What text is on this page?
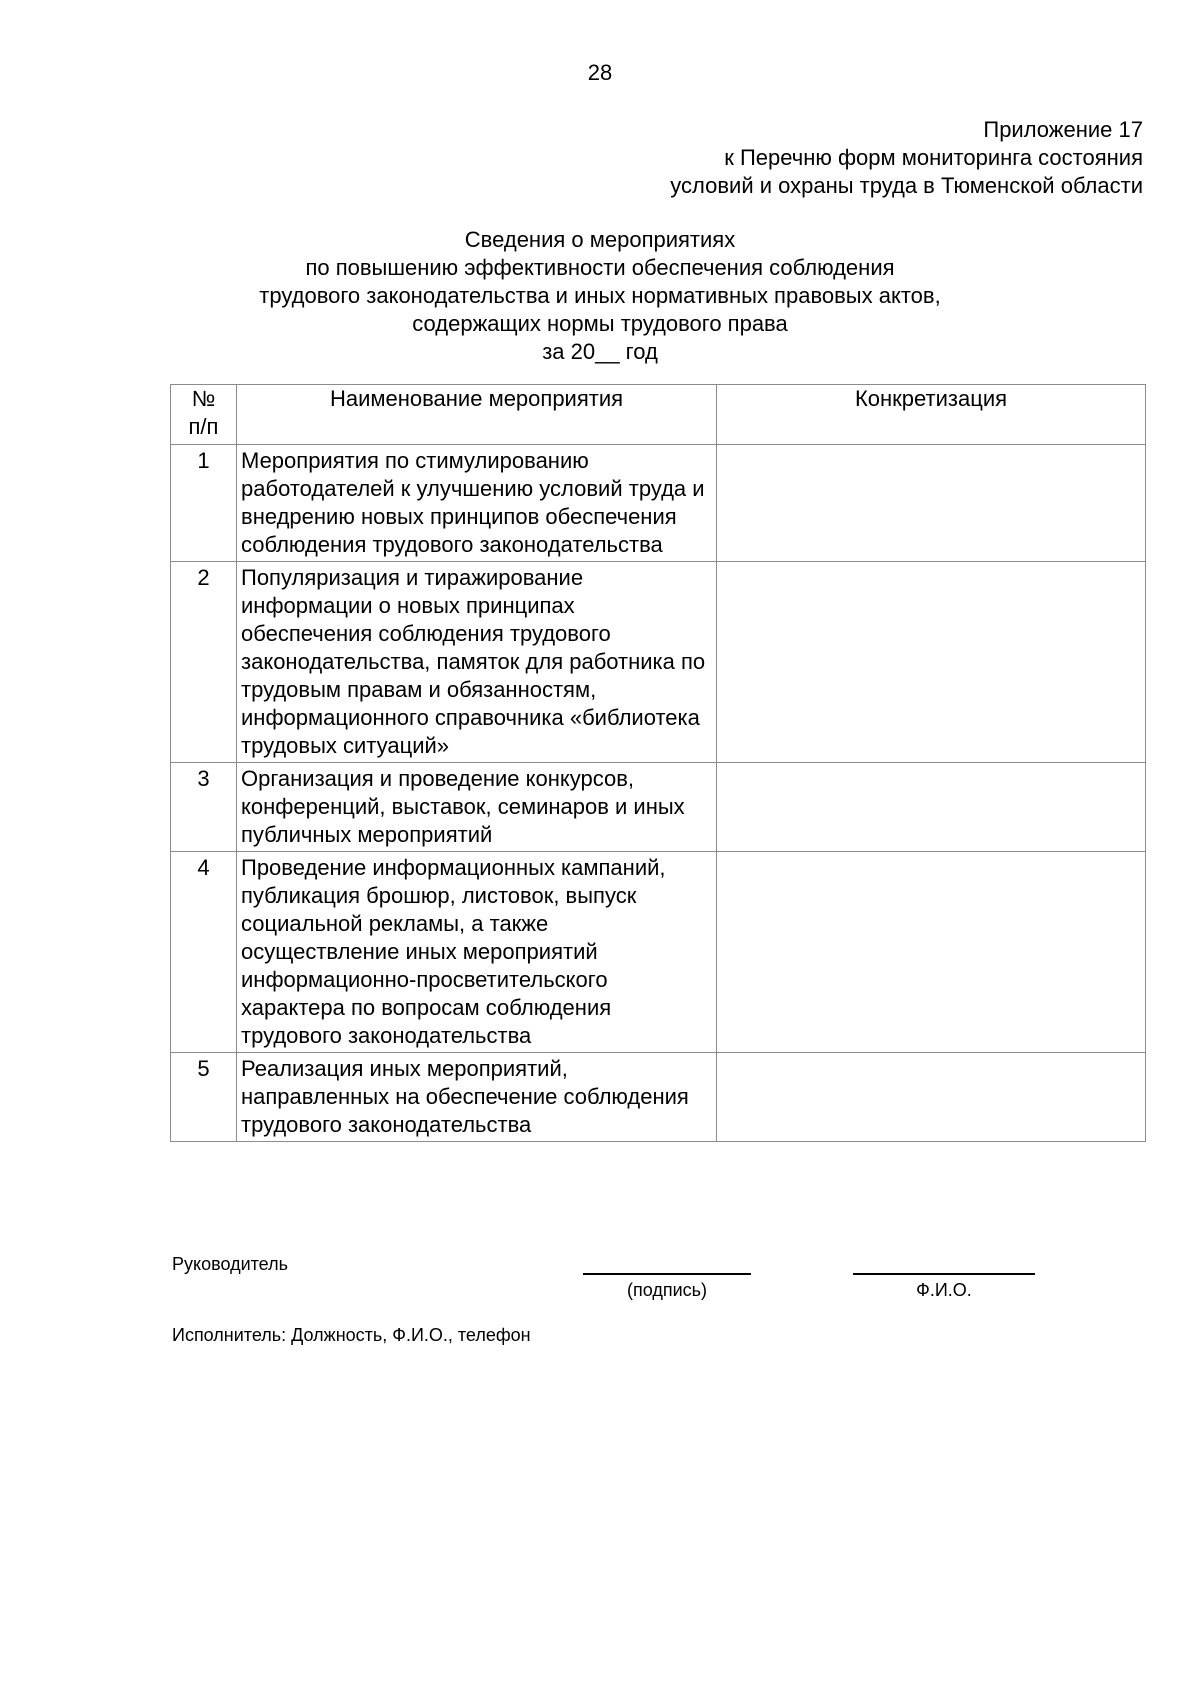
28
Приложение 17
к Перечню форм мониторинга состояния
условий и охраны труда в Тюменской области
Сведения о мероприятиях
по повышению эффективности обеспечения соблюдения
трудового законодательства и иных нормативных правовых актов,
содержащих нормы трудового права
за 20__ год
№
п/п	Наименование мероприятия	Конкретизация
1	Мероприятия по стимулированию работодателей к улучшению условий труда и внедрению новых принципов обеспечения соблюдения трудового законодательства	
2	Популяризация и тиражирование информации о новых принципах обеспечения соблюдения трудового законодательства, памяток для работника по трудовым правам и обязанностям, информационного справочника «библиотека трудовых ситуаций»	
3	Организация и проведение конкурсов, конференций, выставок, семинаров и иных публичных мероприятий	
4	Проведение информационных кампаний, публикация брошюр, листовок, выпуск социальной рекламы, а также осуществление иных мероприятий информационно-просветительского характера по вопросам соблюдения трудового законодательства	
5	Реализация иных мероприятий, направленных на обеспечение соблюдения трудового законодательства	
Руководитель
(подпись)	Ф.И.О.
Исполнитель: Должность, Ф.И.О., телефон
